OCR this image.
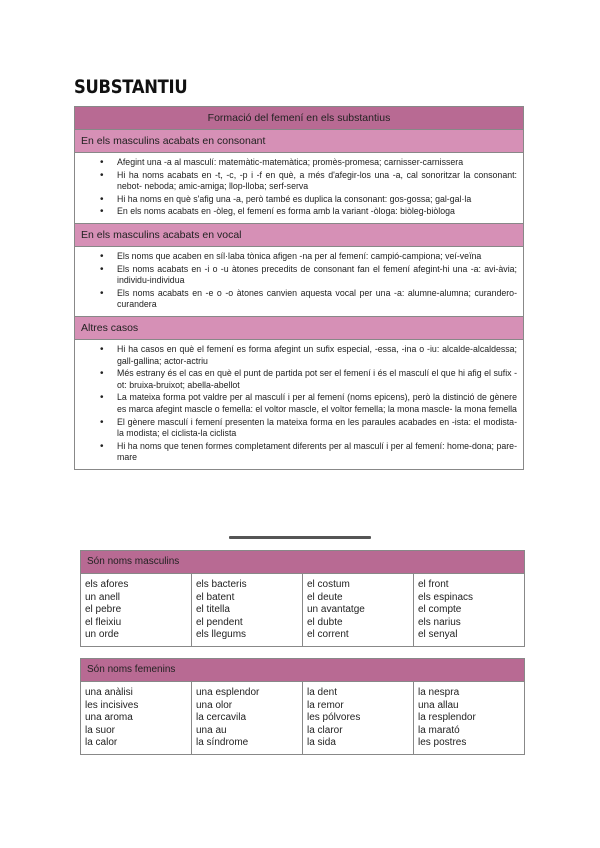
SUBSTANTIU
Formació del femení en els substantius
En els masculins acabats en consonant
• Afegint una -a al masculí: matemàtic-matemàtica; promès-promesa; carnisser-carnissera
• Hi ha noms acabats en -t, -c, -p i -f en què, a més d'afegir-los una -a, cal sonoritzar la consonant: nebot- neboda; amic-amiga; llop-lloba; serf-serva
• Hi ha noms en què s'afig una -a, però també es duplica la consonant: gos-gossa; gal-gal·la
• En els noms acabats en -òleg, el femení es forma amb la variant -òloga: biòleg-biòloga
En els masculins acabats en vocal
• Els noms que acaben en síl·laba tònica afigen -na per al femení: campió-campiona; veí-veïna
• Els noms acabats en -i o -u àtones precedits de consonant fan el femení afegint-hi una -a: avi-àvia; individu-individua
• Els noms acabats en -e o -o àtones canvien aquesta vocal per una -a: alumne-alumna; curandero-curandera
Altres casos
• Hi ha casos en què el femení es forma afegint un sufix especial, -essa, -ina o -iu: alcalde-alcaldessa; gall-gallina; actor-actriu
• Més estrany és el cas en què el punt de partida pot ser el femení i és el masculí el que hi afig el sufix -ot: bruixa-bruixot; abella-abellot
• La mateixa forma pot valdre per al masculí i per al femení (noms epicens), però la distinció de gènere es marca afegint mascle o femella: el voltor mascle, el voltor femella; la mona mascle- la mona femella
• El gènere masculí i femení presenten la mateixa forma en les paraules acabades en -ista: el modista- la modista; el ciclista-la ciclista
• Hi ha noms que tenen formes completament diferents per al masculí i per al femení: home-dona; pare-mare
Són noms masculins
els afores
un anell
el pebre
el fleixiu
un orde
els bacteris
el batent
el titella
el pendent
els llegums
el costum
el deute
un avantatge
el dubte
el corrent
el front
els espinacs
el compte
els narius
el senyal
Són noms femenins
una anàlisi
les incisives
una aroma
la suor
la calor
una esplendor
una olor
la cercavila
una au
la síndrome
la dent
la remor
les pólvores
la claror
la sida
la nespra
una allau
la resplendor
la marató
les postres
